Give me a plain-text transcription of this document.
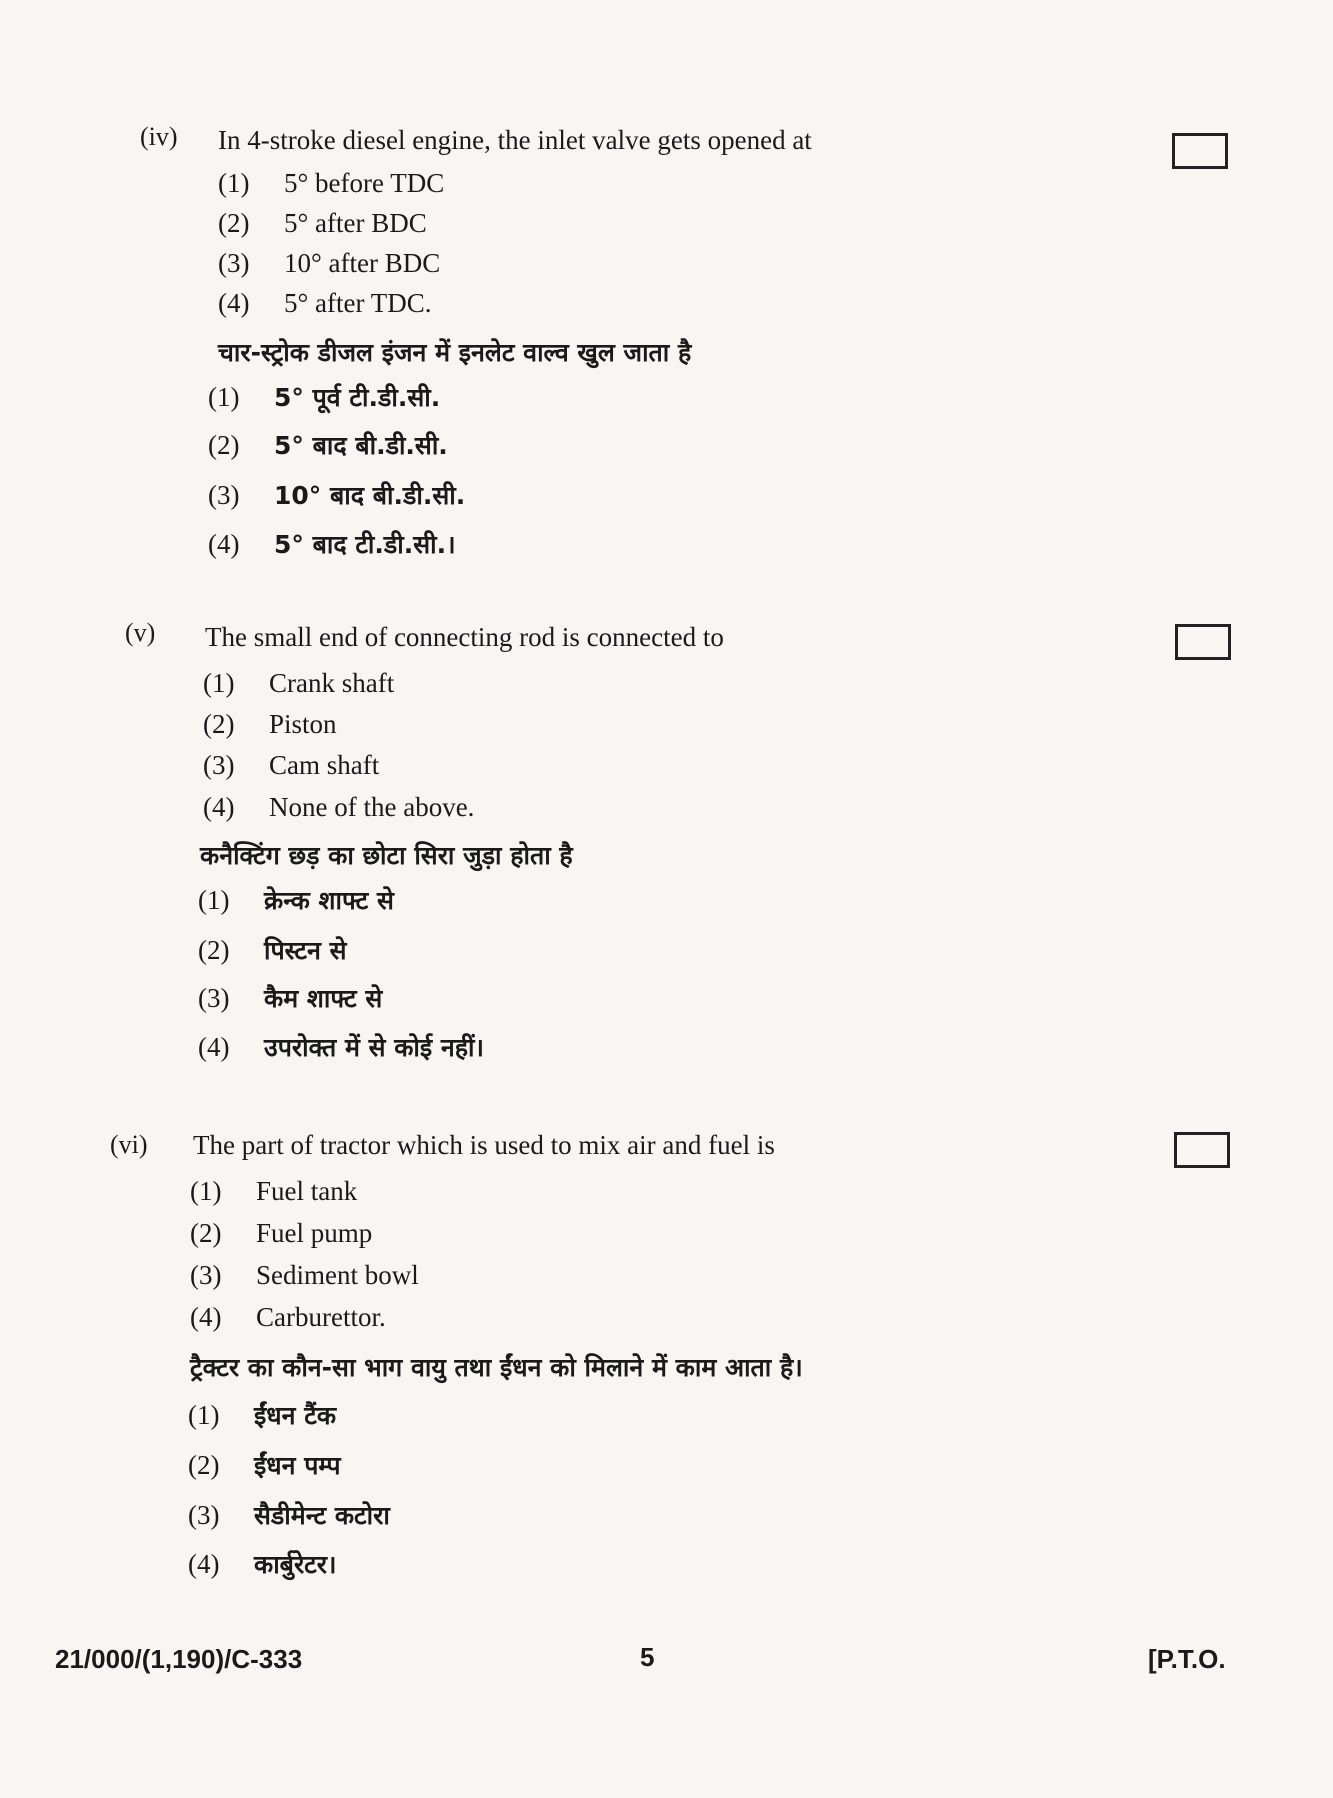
(iv) In 4-stroke diesel engine, the inlet valve gets opened at
(1) 5° before TDC
(2) 5° after BDC
(3) 10° after BDC
(4) 5° after TDC.
चार-स्ट्रोक डीजल इंजन में इनलेट वाल्व खुल जाता है
(1) 5° पूर्व टी.डी.सी.
(2) 5° बाद बी.डी.सी.
(3) 10° बाद बी.डी.सी.
(4) 5° बाद टी.डी.सी.।
(v) The small end of connecting rod is connected to
(1) Crank shaft
(2) Piston
(3) Cam shaft
(4) None of the above.
कनैक्टिंग छड़ का छोटा सिरा जुड़ा होता है
(1) क्रेन्क शाफ्ट से
(2) पिस्टन से
(3) कैम शाफ्ट से
(4) उपरोक्त में से कोई नहीं।
(vi) The part of tractor which is used to mix air and fuel is
(1) Fuel tank
(2) Fuel pump
(3) Sediment bowl
(4) Carburettor.
ट्रैक्टर का कौन-सा भाग वायु तथा ईंधन को मिलाने में काम आता है।
(1) ईंधन टैंक
(2) ईंधन पम्प
(3) सैडीमेन्ट कटोरा
(4) कार्बुरेटर।
21/000/(1,190)/C-333	5	[P.T.O.
